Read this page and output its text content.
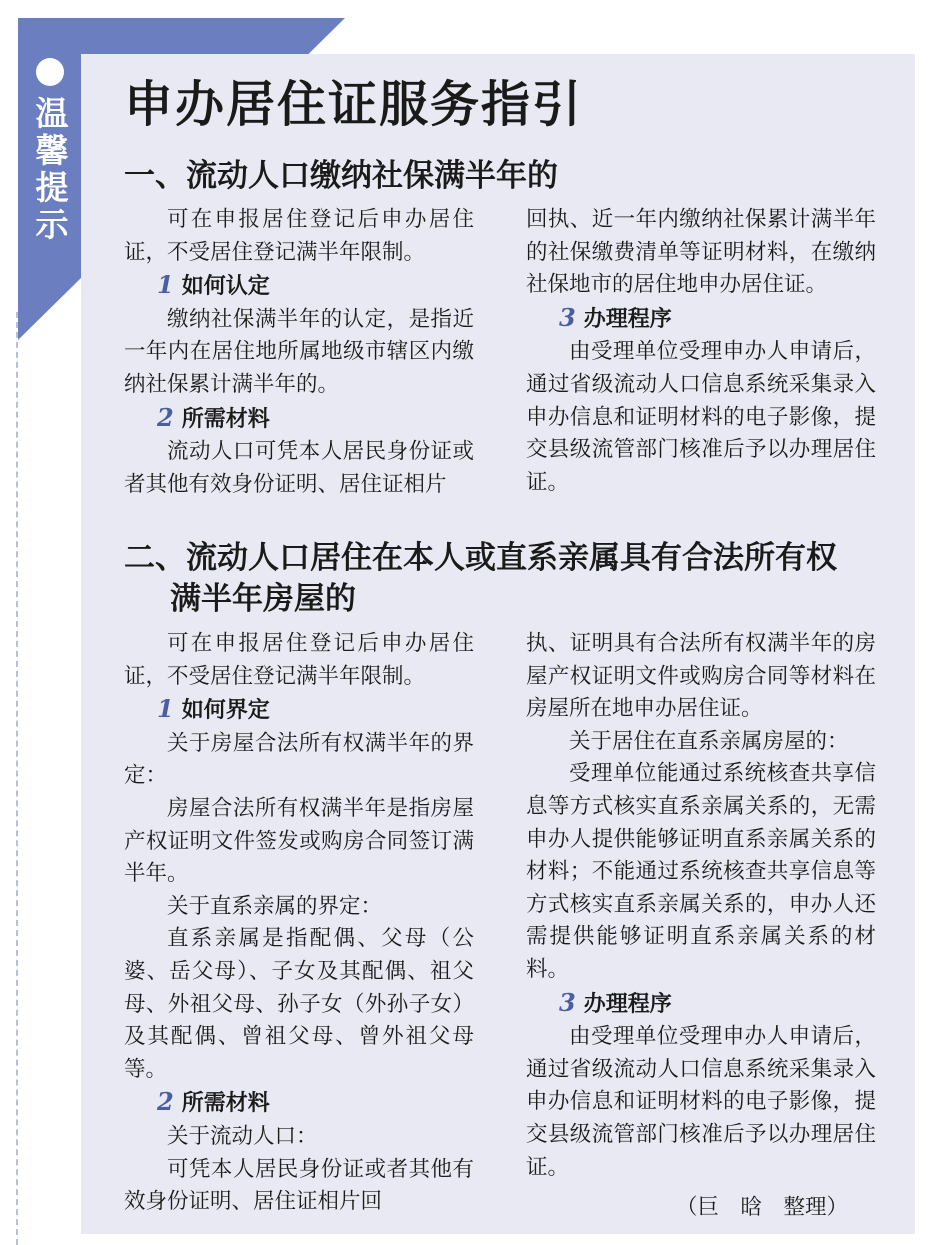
温馨提示
申办居住证服务指引
一、流动人口缴纳社保满半年的

可在申报居住登记后申办居住证，不受居住登记满半年限制。

1 如何认定

缴纳社保满半年的认定，是指近一年内在居住地所属地级市辖区内缴纳社保累计满半年的。

2 所需材料

流动人口可凭本人居民身份证或者其他有效身份证明、居住证相片

回执、近一年内缴纳社保累计满半年的社保缴费清单等证明材料，在缴纳社保地市的居住地申办居住证。

3 办理程序

由受理单位受理申办人申请后，通过省级流动人口信息系统采集录入申办信息和证明材料的电子影像，提交县级流管部门核准后予以办理居住证。

二、流动人口居住在本人或直系亲属具有合法所有权
满半年房屋的

可在申报居住登记后申办居住证，不受居住登记满半年限制。

1 如何界定

关于房屋合法所有权满半年的界定：

房屋合法所有权满半年是指房屋产权证明文件签发或购房合同签订满半年。

关于直系亲属的界定：

直系亲属是指配偶、父母（公婆、岳父母）、子女及其配偶、祖父母、外祖父母、孙子女（外孙子女）及其配偶、曾祖父母、曾外祖父母等。

2 所需材料

关于流动人口：

可凭本人居民身份证或者其他有效身份证明、居住证相片回

执、证明具有合法所有权满半年的房屋产权证明文件或购房合同等材料在房屋所在地申办居住证。

关于居住在直系亲属房屋的：

受理单位能通过系统核查共享信息等方式核实直系亲属关系的，无需申办人提供能够证明直系亲属关系的材料；不能通过系统核查共享信息等方式核实直系亲属关系的，申办人还需提供能够证明直系亲属关系的材料。

3 办理程序

由受理单位受理申办人申请后，通过省级流动人口信息系统采集录入申办信息和证明材料的电子影像，提交县级流管部门核准后予以办理居住证。

（巨　晗　整理）
